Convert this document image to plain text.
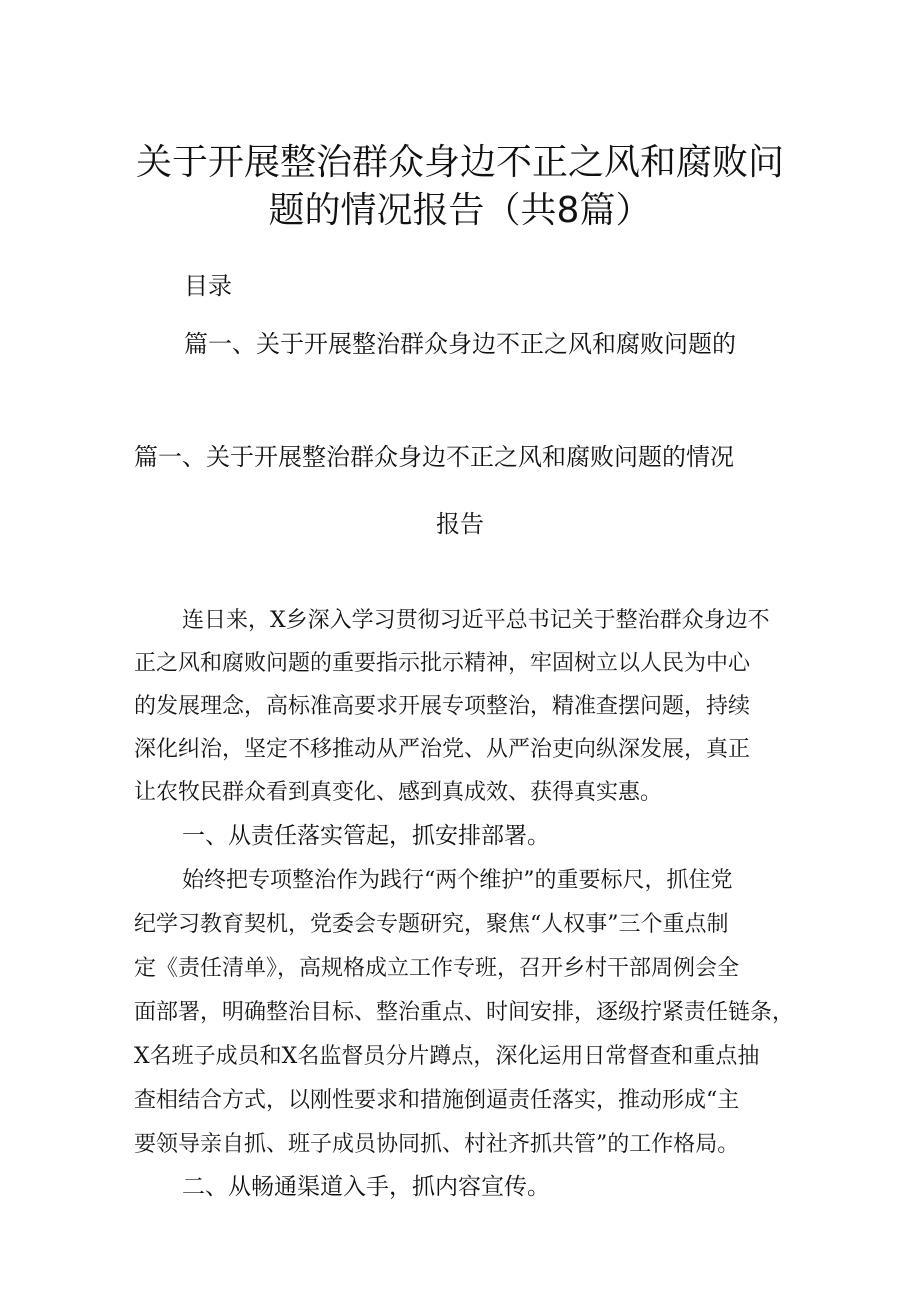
关于开展整治群众身边不正之风和腐败问
题的情况报告（共8篇）
目录
篇一、关于开展整治群众身边不正之风和腐败问题的
篇一、关于开展整治群众身边不正之风和腐败问题的情况
报告
连日来，X乡深入学习贯彻习近平总书记关于整治群众身边不
正之风和腐败问题的重要指示批示精神，牢固树立以人民为中心
的发展理念，高标准高要求开展专项整治，精准查摆问题，持续
深化纠治，坚定不移推动从严治党、从严治吏向纵深发展，真正
让农牧民群众看到真变化、感到真成效、获得真实惠。
一、从责任落实管起，抓安排部署。
始终把专项整治作为践行“两个维护”的重要标尺，抓住党
纪学习教育契机，党委会专题研究，聚焦“人权事”三个重点制
定《责任清单》，高规格成立工作专班，召开乡村干部周例会全
面部署，明确整治目标、整治重点、时间安排，逐级拧紧责任链条，
X名班子成员和X名监督员分片蹲点，深化运用日常督查和重点抽
查相结合方式，以刚性要求和措施倒逼责任落实，推动形成“主
要领导亲自抓、班子成员协同抓、村社齐抓共管”的工作格局。
二、从畅通渠道入手，抓内容宣传。
